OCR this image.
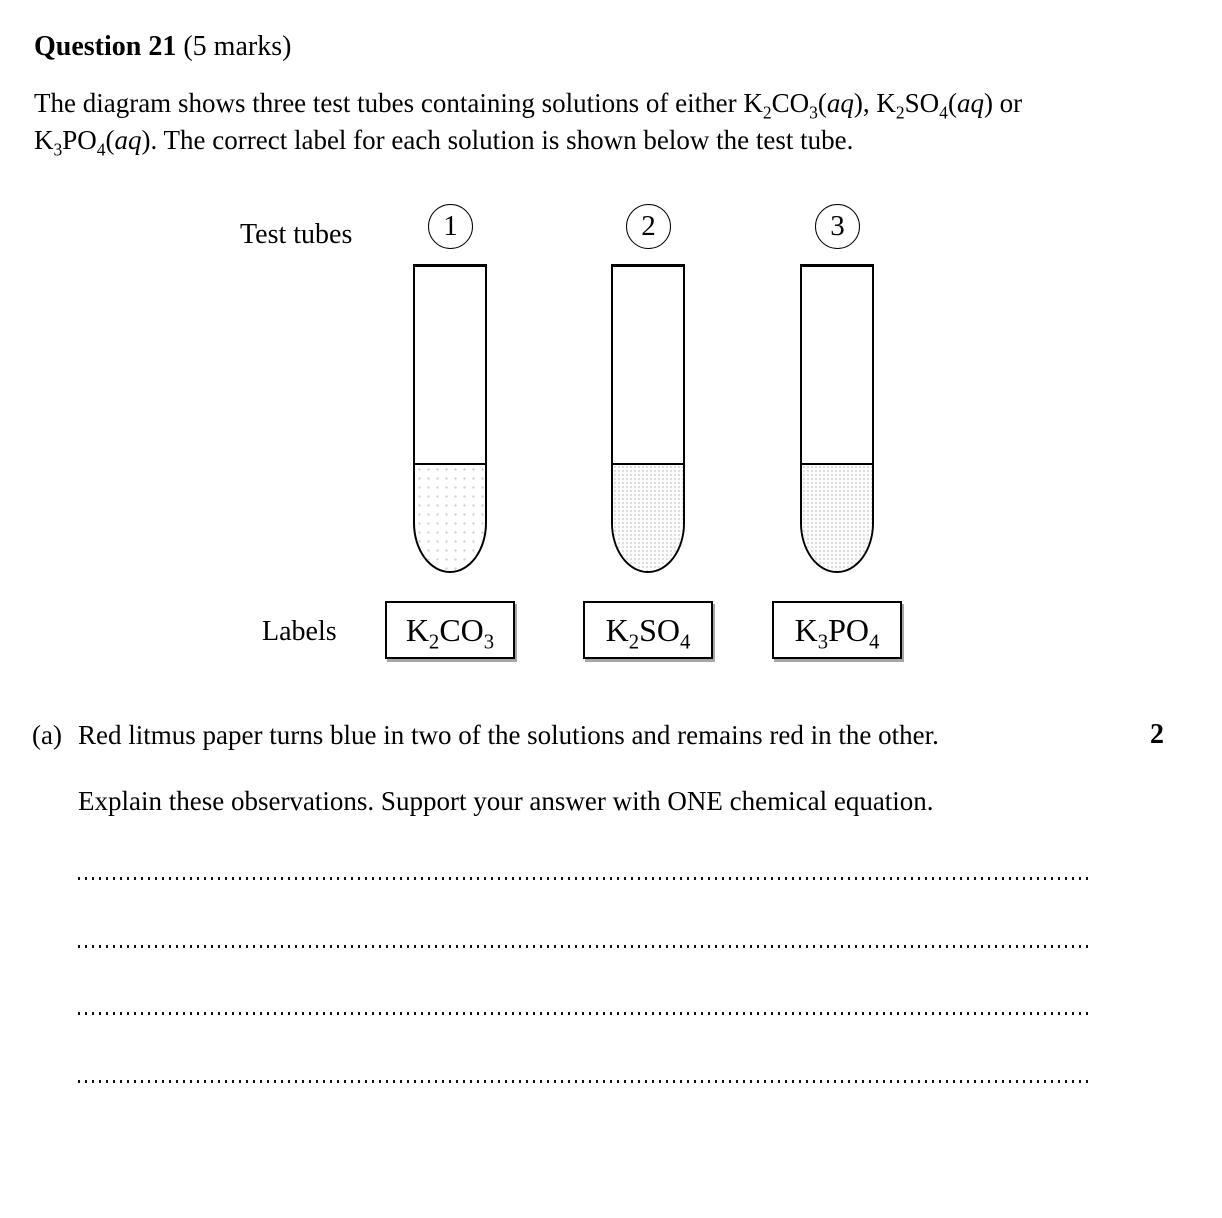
Question 21 (5 marks)
The diagram shows three test tubes containing solutions of either $K_2CO_3(aq)$, $K_2SO_4(aq)$ or
$K_3PO_4(aq)$. The correct label for each solution is shown below the test tube.
Test tubes	1	2	3
Labels $K_2CO_3$	$K_2SO_4$	$K_3PO_4$
(a) Red litmus paper turns blue in two of the solutions and remains red in the other.	2
Explain these observations. Support your answer with ONE chemical equation.
